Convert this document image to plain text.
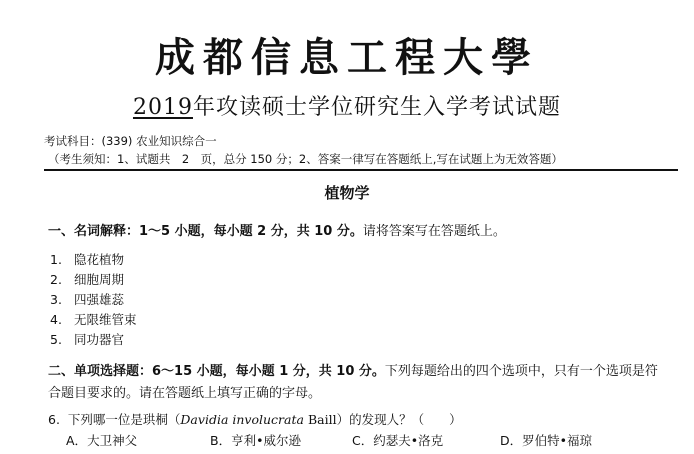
成都信息工程大學
2019年攻读硕士学位研究生入学考试试题
考试科目：(339) 农业知识综合一
（考生须知：1、试题共　2　页，总分 150 分；2、答案一律写在答题纸上,写在试题上为无效答题）
植物学
一、名词解释：1～5 小题，每小题 2 分，共 10 分。请将答案写在答题纸上。
1. 隐花植物
2. 细胞周期
3. 四强雄蕊
4. 无限维管束
5. 同功器官
二、单项选择题：6～15 小题，每小题 1 分，共 10 分。下列每题给出的四个选项中，只有一个选项是符合题目要求的。请在答题纸上填写正确的字母。
6. 下列哪一位是珙桐（Davidia involucrata Baill）的发现人？（　　）
A．大卫神父	B．亨利•威尔逊	C．约瑟夫•洛克	D．罗伯特•福琼
